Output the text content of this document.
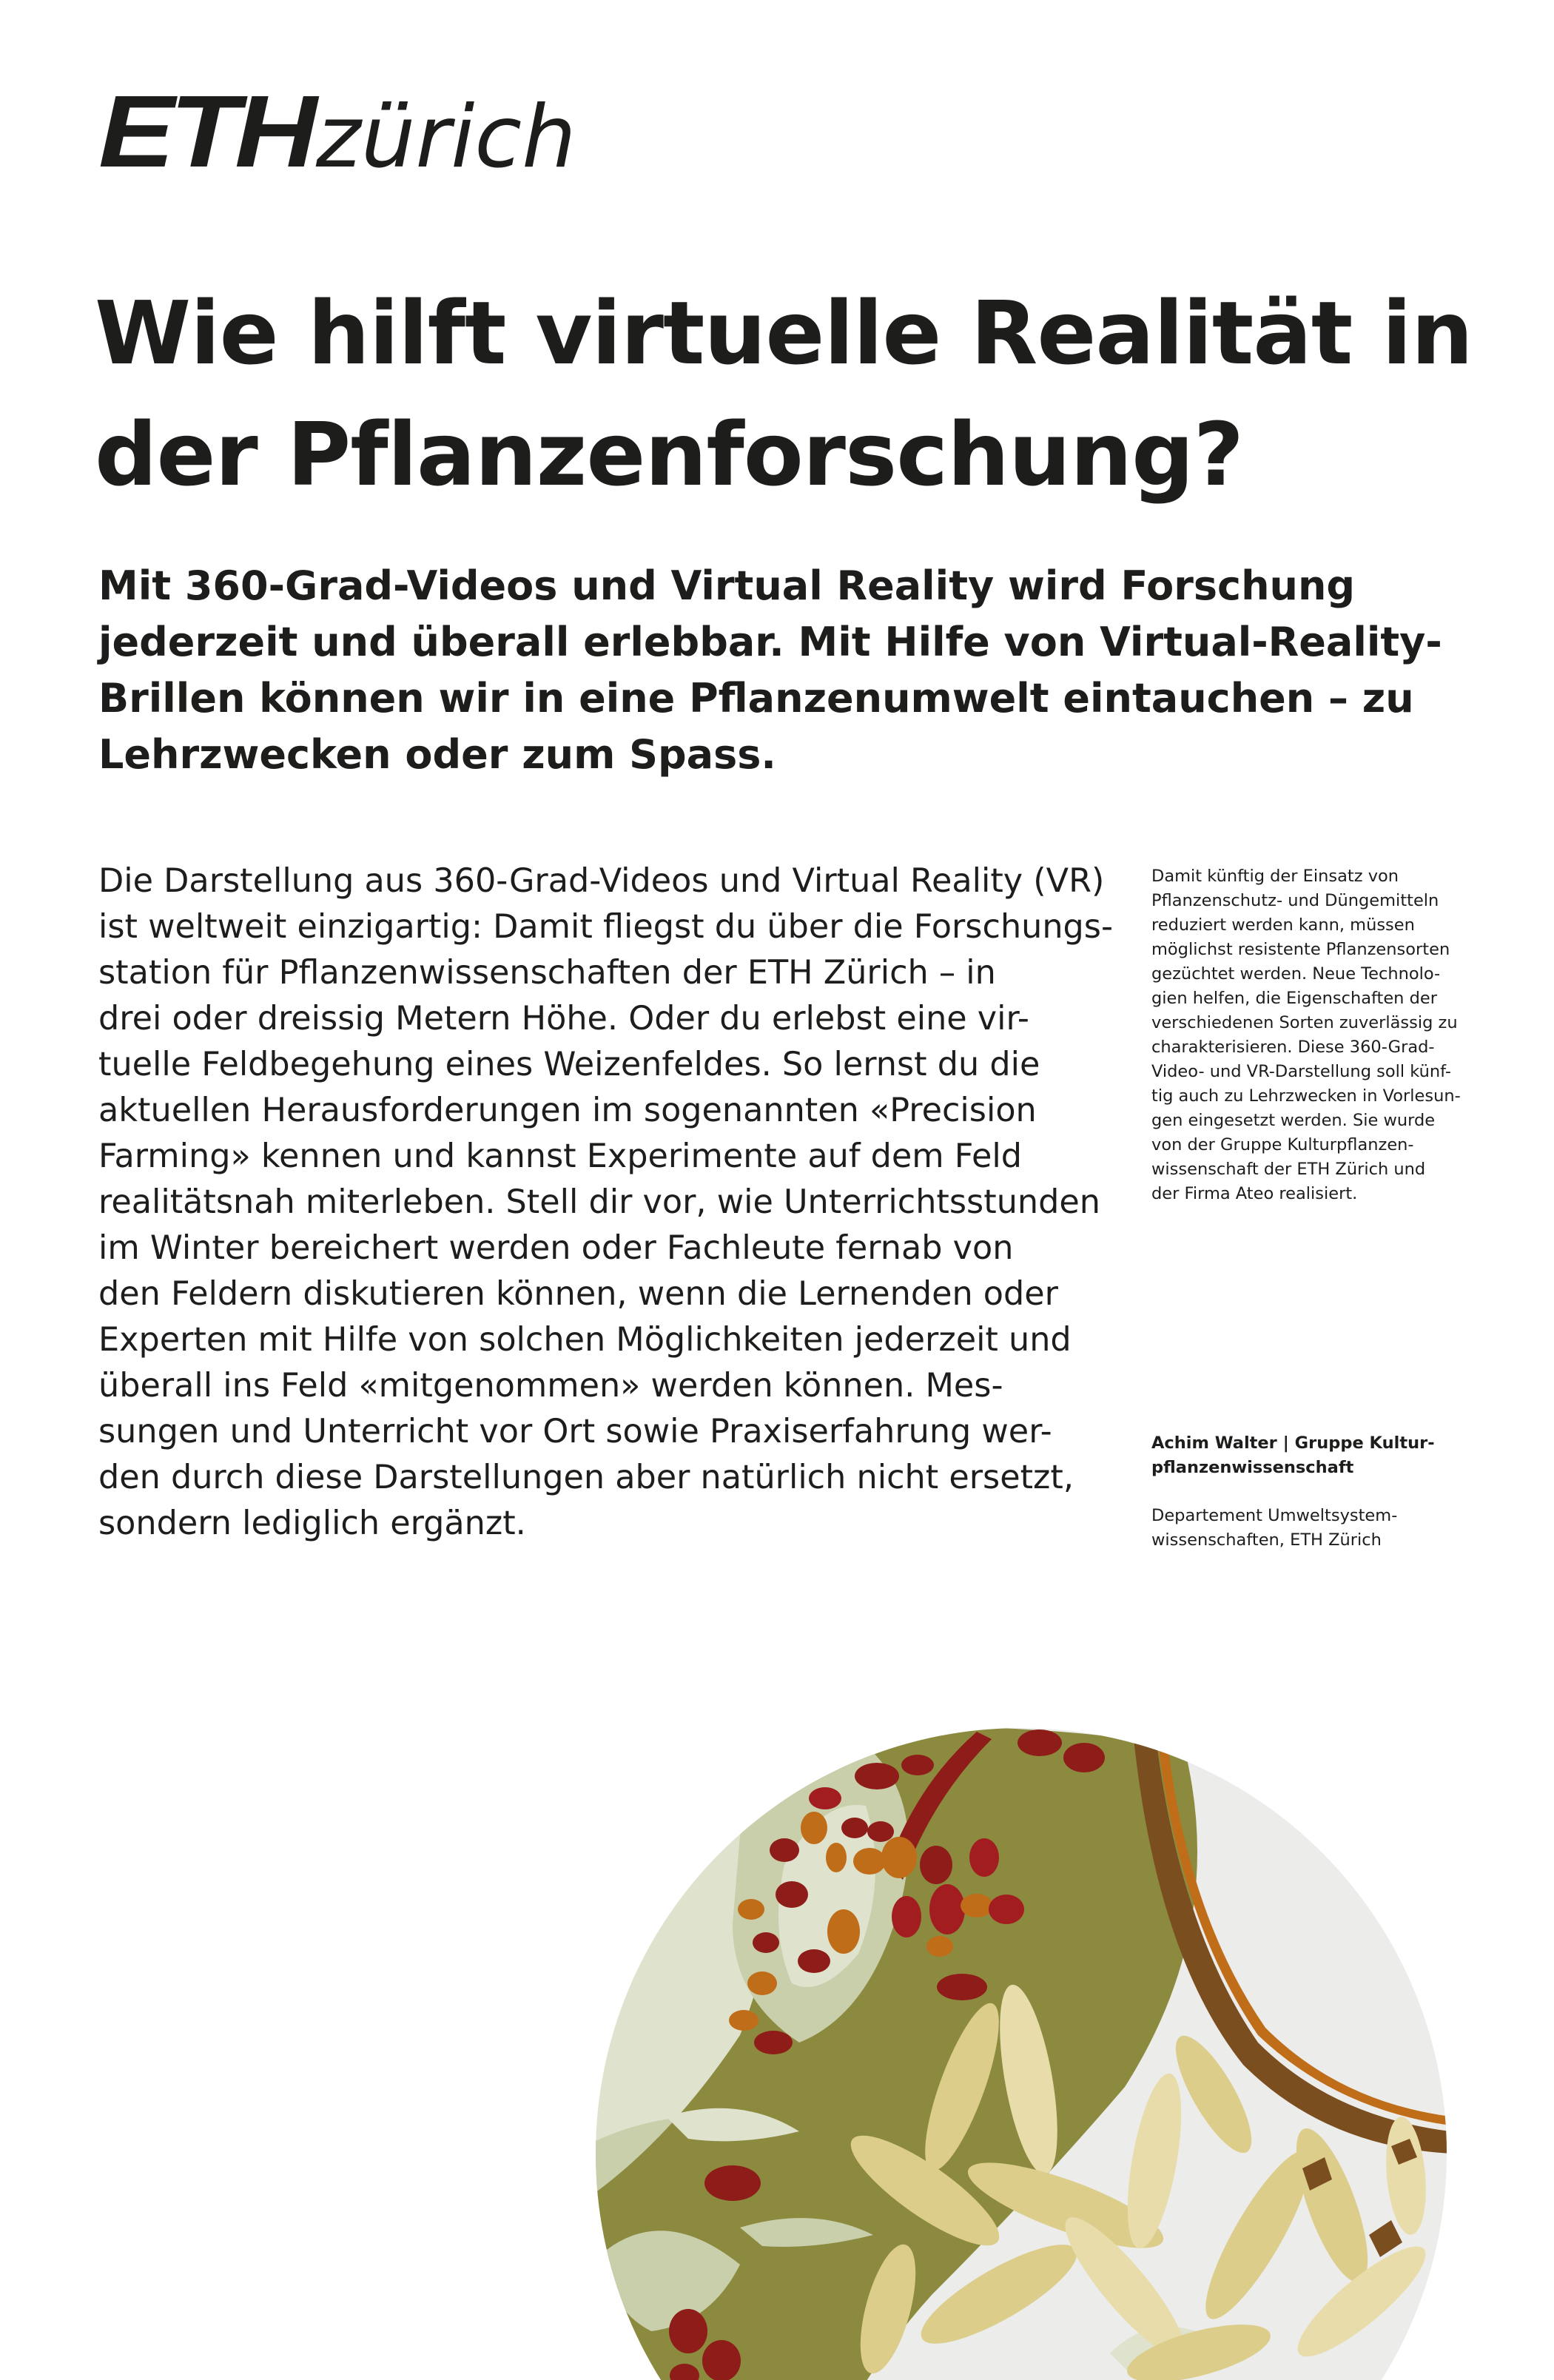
ETHzürich
Wie hilft virtuelle Realität in
der Pflanzenforschung?

Mit 360-Grad-Videos und Virtual Reality wird Forschung
jederzeit und überall erlebbar. Mit Hilfe von Virtual-Reality-
Brillen können wir in eine Pflanzenumwelt eintauchen – zu
Lehrzwecken oder zum Spass.

Die Darstellung aus 360-Grad-Videos und Virtual Reality (VR)
ist weltweit einzigartig: Damit fliegst du über die Forschungs-
station für Pflanzenwissenschaften der ETH Zürich – in
drei oder dreissig Metern Höhe. Oder du erlebst eine vir-
tuelle Feldbegehung eines Weizenfeldes. So lernst du die
aktuellen Herausforderungen im sogenannten «Precision
Farming» kennen und kannst Experimente auf dem Feld
realitätsnah miterleben. Stell dir vor, wie Unterrichtsstunden
im Winter bereichert werden oder Fachleute fernab von
den Feldern diskutieren können, wenn die Lernenden oder
Experten mit Hilfe von solchen Möglichkeiten jederzeit und
überall ins Feld «mitgenommen» werden können. Mes-
sungen und Unterricht vor Ort sowie Praxiserfahrung wer-
den durch diese Darstellungen aber natürlich nicht ersetzt,
sondern lediglich ergänzt.

Damit künftig der Einsatz von
Pflanzenschutz- und Düngemitteln
reduziert werden kann, müssen
möglichst resistente Pflanzensorten
gezüchtet werden. Neue Technolo-
gien helfen, die Eigenschaften der
verschiedenen Sorten zuverlässig zu
charakterisieren. Diese 360-Grad-
Video- und VR-Darstellung soll künf-
tig auch zu Lehrzwecken in Vorlesun-
gen eingesetzt werden. Sie wurde
von der Gruppe Kulturpflanzen-
wissenschaft der ETH Zürich und
der Firma Ateo realisiert.

Achim Walter | Gruppe Kultur-
pflanzenwissenschaft

Departement Umweltsystem-
wissenschaften, ETH Zürich
